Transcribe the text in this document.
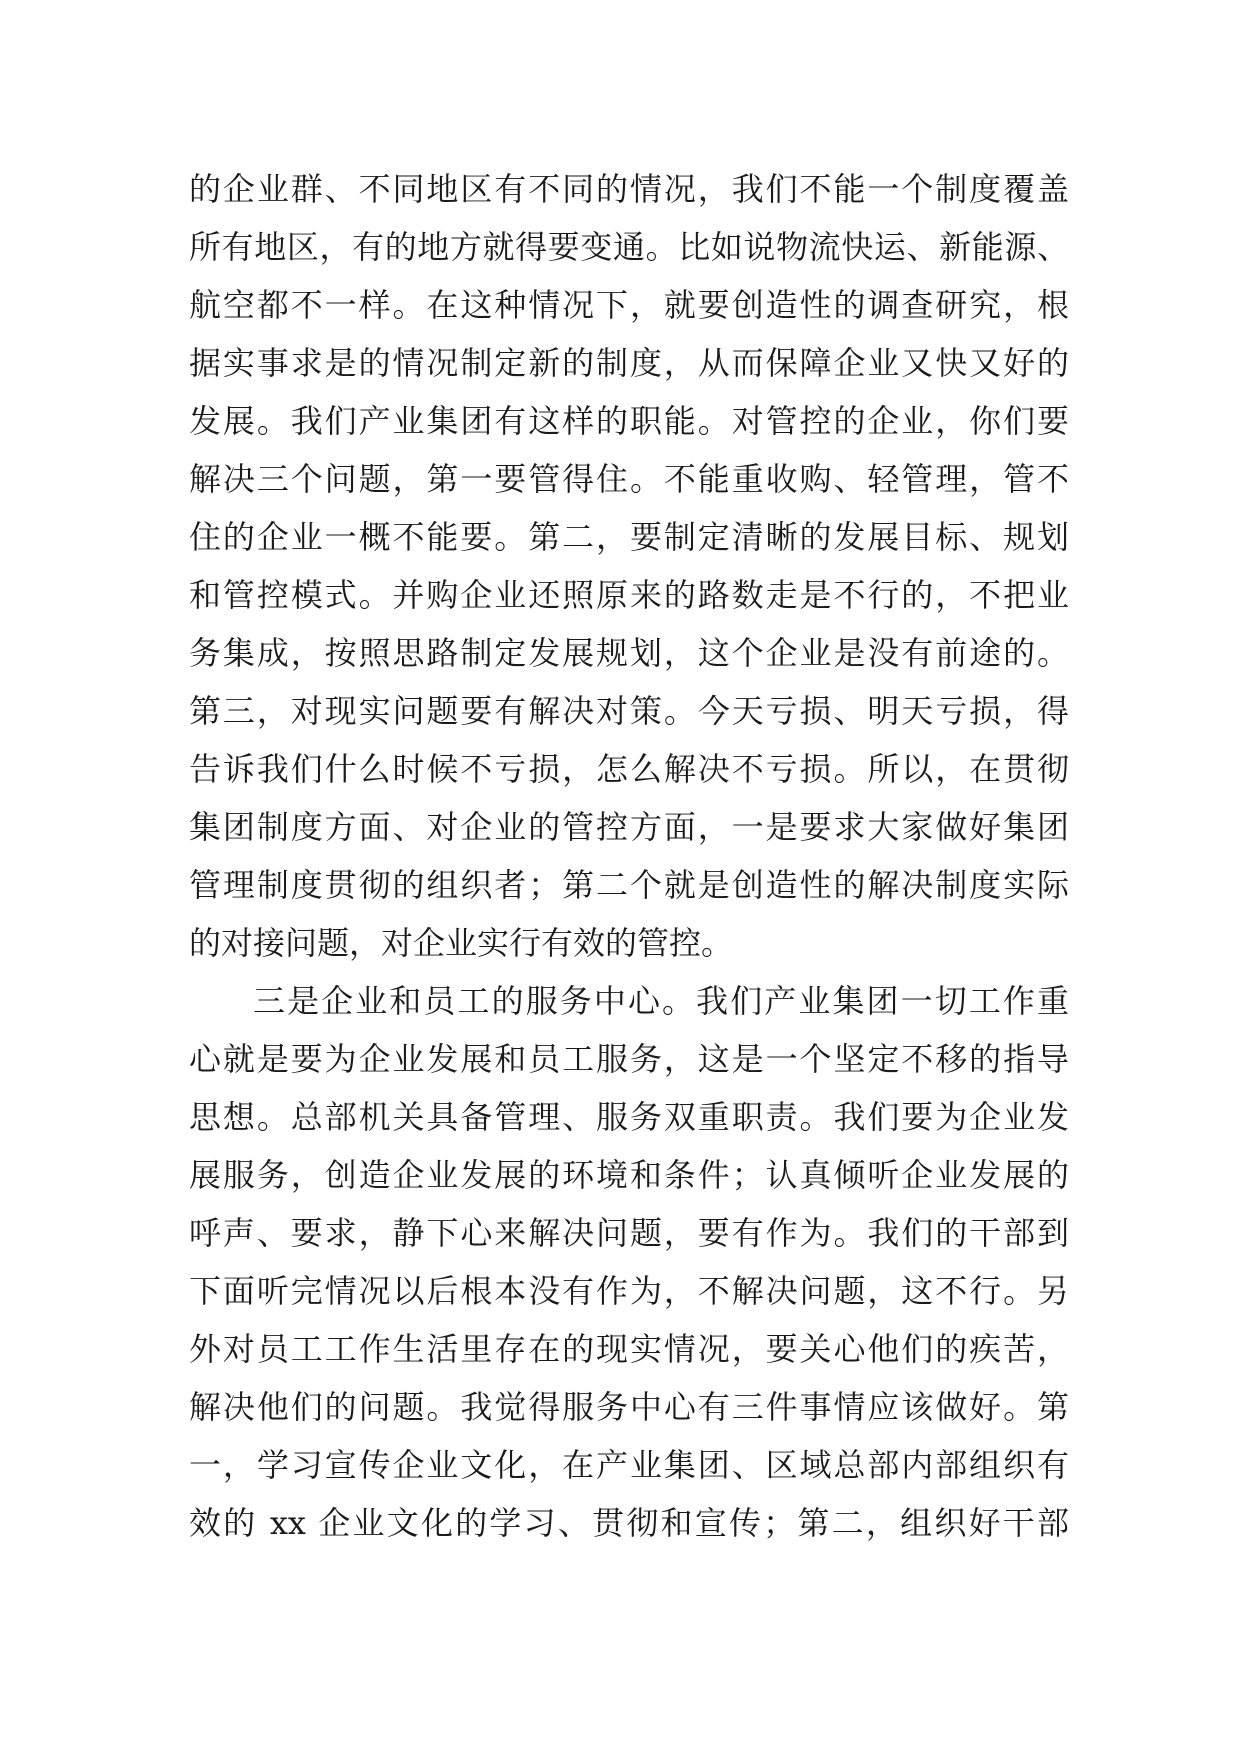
的企业群、不同地区有不同的情况，我们不能一个制度覆盖
所有地区，有的地方就得要变通。比如说物流快运、新能源、
航空都不一样。在这种情况下，就要创造性的调查研究，根
据实事求是的情况制定新的制度，从而保障企业又快又好的
发展。我们产业集团有这样的职能。对管控的企业，你们要
解决三个问题，第一要管得住。不能重收购、轻管理，管不
住的企业一概不能要。第二，要制定清晰的发展目标、规划
和管控模式。并购企业还照原来的路数走是不行的，不把业
务集成，按照思路制定发展规划，这个企业是没有前途的。
第三，对现实问题要有解决对策。今天亏损、明天亏损，得
告诉我们什么时候不亏损，怎么解决不亏损。所以，在贯彻
集团制度方面、对企业的管控方面，一是要求大家做好集团
管理制度贯彻的组织者；第二个就是创造性的解决制度实际
的对接问题，对企业实行有效的管控。
三是企业和员工的服务中心。我们产业集团一切工作重
心就是要为企业发展和员工服务，这是一个坚定不移的指导
思想。总部机关具备管理、服务双重职责。我们要为企业发
展服务，创造企业发展的环境和条件；认真倾听企业发展的
呼声、要求，静下心来解决问题，要有作为。我们的干部到
下面听完情况以后根本没有作为，不解决问题，这不行。另
外对员工工作生活里存在的现实情况，要关心他们的疾苦，
解决他们的问题。我觉得服务中心有三件事情应该做好。第
一，学习宣传企业文化，在产业集团、区域总部内部组织有
效的 xx 企业文化的学习、贯彻和宣传；第二，组织好干部
